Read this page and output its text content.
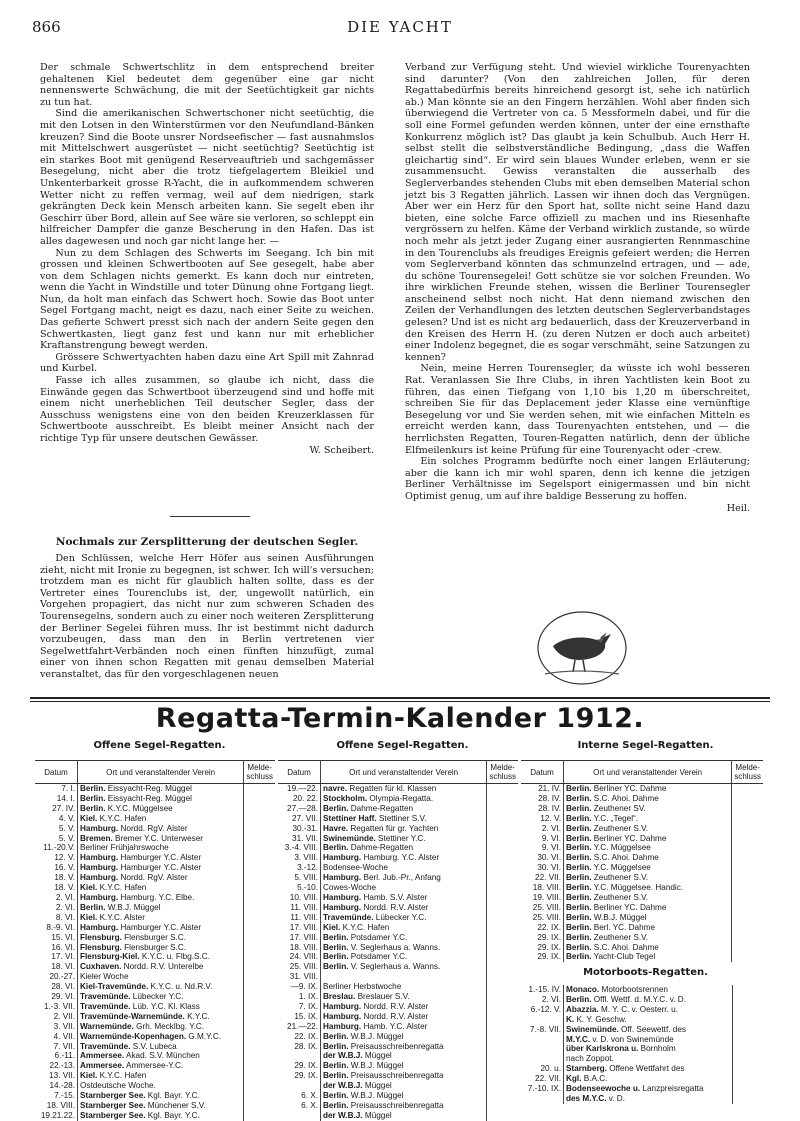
866	DIE YACHT

Der schmale Schwertschlitz in dem entsprechend breiter gehaltenen Kiel bedeutet dem gegenüber eine gar nicht nennenswerte Schwächung, die mit der Seetüchtigkeit gar nichts zu tun hat.

Sind die amerikanischen Schwertschoner nicht seetüchtig, die mit den Lotsen in den Winterstürmen vor den Neufundland-Bänken kreuzen? Sind die Boote unsrer Nordseefischer — fast ausnahmslos mit Mittelschwert ausgerüstet — nicht seetüchtig? Seetüchtig ist ein starkes Boot mit genügend Reserveauftrieb und sachgemässer Besegelung, nicht aber die trotz tiefgelagertem Bleikiel und Unkenterbarkeit grosse R-Yacht, die in aufkommendem schweren Wetter nicht zu reffen vermag, weil auf dem niedrigen, stark gekrängten Deck kein Mensch arbeiten kann. Sie segelt eben ihr Geschirr über Bord, allein auf See wäre sie verloren, so schleppt ein hilfreicher Dampfer die ganze Bescherung in den Hafen. Das ist alles dagewesen und noch gar nicht lange her. —

Nun zu dem Schlagen des Schwerts im Seegang. Ich bin mit grossen und kleinen Schwertbooten auf See gesegelt, habe aber von dem Schlagen nichts gemerkt. Es kann doch nur eintreten, wenn die Yacht in Windstille und toter Dünung ohne Fortgang liegt. Nun, da holt man einfach das Schwert hoch. Sowie das Boot unter Segel Fortgang macht, neigt es dazu, nach einer Seite zu weichen. Das gefierte Schwert presst sich nach der andern Seite gegen den Schwertkasten, liegt ganz fest und kann nur mit erheblicher Kraftanstrengung bewegt werden.

Grössere Schwertyachten haben dazu eine Art Spill mit Zahnrad und Kurbel.

Fasse ich alles zusammen, so glaube ich nicht, dass die Einwände gegen das Schwertboot überzeugend sind und hoffe mit einem nicht unerheblichen Teil deutscher Segler, dass der Ausschuss wenigstens eine von den beiden Kreuzerklassen für Schwertboote ausschreibt. Es bleibt meiner Ansicht nach der richtige Typ für unsere deutschen Gewässer.

W. Scheibert.
Nochmals zur Zersplitterung der deutschen Segler.

Den Schlüssen, welche Herr Höfer aus seinen Ausführungen zieht, nicht mit Ironie zu begegnen, ist schwer. Ich will's versuchen; trotzdem man es nicht für glaublich halten sollte, dass es der Vertreter eines Tourenclubs ist, der, ungewollt natürlich, ein Vorgehen propagiert, das nicht nur zum schweren Schaden des Tourensegelns, sondern auch zu einer noch weiteren Zersplitterung der Berliner Segelei führen muss. Ihr ist bestimmt nicht dadurch vorzubeugen, dass man den in Berlin vertretenen vier Segelwettfahrt-Verbänden noch einen fünften hinzufügt, zumal einer von ihnen schon Regatten mit genau demselben Material veranstaltet, das für den vorgeschlagenen neuen

Verband zur Verfügung steht. Und wieviel wirkliche Tourenyachten sind darunter? (Von den zahlreichen Jollen, für deren Regattabedürfnis bereits hinreichend gesorgt ist, sehe ich natürlich ab.) Man könnte sie an den Fingern herzählen. Wohl aber finden sich überwiegend die Vertreter von ca. 5 Messformeln dabei, und für die soll eine Formel gefunden werden können, unter der eine ernsthafte Konkurrenz möglich ist? Das glaubt ja kein Schulbub. Auch Herr H. selbst stellt die selbstverständliche Bedingung, „dass die Waffen gleichartig sind“. Er wird sein blaues Wunder erleben, wenn er sie zusammensucht. Gewiss veranstalten die ausserhalb des Seglerverbandes stehenden Clubs mit eben demselben Material schon jetzt bis 3 Regatten jährlich. Lassen wir ihnen doch das Vergnügen. Aber wer ein Herz für den Sport hat, sollte nicht seine Hand dazu bieten, eine solche Farce offiziell zu machen und ins Riesenhafte vergrössern zu helfen. Käme der Verband wirklich zustande, so würde noch mehr als jetzt jeder Zugang einer ausrangierten Rennmaschine in den Tourenclubs als freudiges Ereignis gefeiert werden; die Herren vom Seglerverband könnten das schmunzelnd ertragen, und — ade, du schöne Tourensegelei! Gott schütze sie vor solchen Freunden. Wo ihre wirklichen Freunde stehen, wissen die Berliner Tourensegler anscheinend selbst noch nicht. Hat denn niemand zwischen den Zeilen der Verhandlungen des letzten deutschen Seglerverbandstages gelesen? Und ist es nicht arg bedauerlich, dass der Kreuzerverband in den Kreisen des Herrn H. (zu deren Nutzen er doch auch arbeitet) einer Indolenz begegnet, die es sogar verschmäht, seine Satzungen zu kennen?

Nein, meine Herren Tourensegler, da wüsste ich wohl besseren Rat. Veranlassen Sie Ihre Clubs, in ihren Yachtlisten kein Boot zu führen, das einen Tiefgang von 1,10 bis 1,20 m überschreitet, schreiben Sie für das Deplacement jeder Klasse eine vernünftige Besegelung vor und Sie werden sehen, mit wie einfachen Mitteln es erreicht werden kann, dass Tourenyachten entstehen, und — die herrlichsten Regatten, Touren-Regatten natürlich, denn der übliche Elfmeilenkurs ist keine Prüfung für eine Tourenyacht oder -crew.

Ein solches Programm bedürfte noch einer langen Erläuterung; aber die kann ich mir wohl sparen, denn ich kenne die jetzigen Berliner Verhältnisse im Segelsport einigermassen und bin nicht Optimist genug, um auf ihre baldige Besserung zu hoffen.

Heil.
Regatta-Termin-Kalender 1912.
Offene Segel-Regatten.	Offene Segel-Regatten.	Interne Segel-Regatten.
Datum	Ort und veranstaltender Verein	Melde-schluss
7. I.	Berlin. Eissyacht-Reg. Müggel	
14. I.	Berlin. Eissyacht-Reg. Müggel	
27. IV.	Berlin. K.Y.C. Müggelsee	
4. V.	Kiel. K.Y.C. Hafen	
5. V.	Hamburg. Nordd. RgV. Alster	
5. V.	Bremen. Bremer Y.C. Unterweser	
11.-20.V.	Berliner Frühjahrswoche	
12. V.	Hamburg. Hamburger Y.C. Alster	
16. V.	Hamburg. Hamburger Y.C. Alster	
18. V.	Hamburg. Nordd. RgV. Alster	
18. V.	Kiel. K.Y.C. Hafen	
2. VI.	Hamburg. Hamburg. Y.C. Elbe.	
2. VI.	Berlin. W.B.J. Müggel	
8. VI.	Kiel. K.Y.C. Alster	
8.-9. VI.	Hamburg. Hamburger Y.C. Alster	
15. VI.	Flensburg. Flensburger S.C.	
16. VI.	Flensburg. Flensburger S.C.	
17. VI.	Flensburg-Kiel. K.Y.C. u. Flbg.S.C.	
18. VI.	Cuxhaven. Nordd. R.V. Unterelbe	
20.-27.	Kieler Woche	
28. VI.	Kiel-Travemünde. K.Y.C. u. Nd.R.V.	
29. VI.	Travemünde. Lübecker Y.C.	
1.-3. VII.	Travemünde. Lüb. Y.C. Kl. Klass	
2. VII.	Travemünde-Warnemünde. K.Y.C.	
3. VII.	Warnemünde. Grh. Mecklbg. Y.C.	
4. VII.	Warnemünde-Kopenhagen. G.M.Y.C.	
7. VII.	Travemünde. S.V. Lubeca	
6.-11.	Ammersee. Akad. S.V. München	
22.-13.	Ammersee. Ammersee-Y.C.	
13. VII.	Kiel. K.Y.C. Hafen	
14.-28.	Ostdeutsche Woche.	
7.-15.	Starnberger See. Kgl. Bayr. Y.C.	
18. VIII.	Starnberger See. Münchener S.V.	
19.21.22.	Starnberger See. Kgl. Bayr. Y.C.	
Datum	Ort und veranstaltender Verein	Melde-schluss
19.—22.	navre. Regatten für kl. Klassen	
20. 22.	Stockholm. Olympia-Regatta.	
27.—28.	Berlin. Dahme-Regatten	
27. VII.	Stettiner Haff. Stettiner S.V.	
30.-31.	Havre. Regatten für gr. Yachten	
31. VII.	Swinemünde. Stettiner Y.C.	
3.-4. VIII.	Berlin. Dahme-Regatten	
3. VIII.	Hamburg. Hamburg. Y.C. Alster	
3.-12.	Bodensee-Woche	
5. VIII.	Hamburg. Berl. Jub.-Pr., Anfang	
5.-10.	Cowes-Woche	
10. VIII.	Hamburg. Hamb. S.V. Alster	
11. VIII.	Hamburg. Nordd. R.V. Alster	
11. VIII.	Travemünde. Lübecker Y.C.	
17. VIII.	Kiel. K.Y.C. Hafen	
17. VIII.	Berlin. Potsdamer Y.C.	
18. VIII.	Berlin. V. Seglerhaus a. Wanns.	
24. VIII.	Berlin. Potsdamer Y.C.	
25. VIII.	Berlin. V. Seglerhaus a. Wanns.	
31. VIII.		
—9. IX.	Berliner Herbstwoche	
1. IX.	Breslau. Breslauer S.V.	
7. IX.	Hamburg. Nordd. R.V. Alster	
15. IX.	Hamburg. Nordd. R.V. Alster	
21.—22.	Hamburg. Hamb. Y.C. Alster	
22. IX.	Berlin. W.B.J. Müggel	
28. IX.	Berlin. Preisausschreibenregatta	
	der W.B.J. Müggel	
29. IX.	Berlin. W.B.J. Müggel	
29. IX.	Berlin. Preisausschreibenregatta	
	der W.B.J. Müggel	
6. X.	Berlin. W.B.J. Müggel	
6. X.	Berlin. Preisausschreibenregatta	
	der W.B.J. Müggel	
Datum	Ort und veranstaltender Verein	Melde-schluss
21. IV.	Berlin. Berliner YC. Dahme	
28. IV.	Berlin. S.C. Ahoi. Dahme	
28. IV.	Berlin. Zeuthener SV.	
12. V.	Berlin. Y.C. „Tegel“.	
2. VI.	Berlin. Zeuthener S.V.	
9. VI.	Berlin. Berliner YC. Dahme	
9. VI.	Berlin. Y.C. Müggelsee	
30. VI.	Berlin. S.C. Ahoi. Dahme	
30. VI.	Berlin. Y.C. Müggelsee	
22. VII.	Berlin. Zeuthener S.V.	
18. VIII.	Berlin. Y.C. Müggelsee. Handic.	
19. VIII.	Berlin. Zeuthener S.V.	
25. VIII.	Berlin. Berliner YC. Dahme	
25. VIII.	Berlin. W.B.J. Müggel	
22. IX.	Berlin. Berl. YC. Dahme	
29. IX.	Berlin. Zeuthener S.V.	
29. IX.	Berlin. S.C. Ahoi. Dahme	
29. IX.	Berlin. Yacht-Club Tegel	
Motorboots-Regatten.
1.-15. IV.	Monaco. Motorbootsrennen	
2. VI.	Berlin. Offl. Wettf. d. M.Y.C. v. D.	
6.-12. V.	Abazzia. M. Y. C. v. Oesterr. u.	
	K. K. Y. Geschw.	
7.-8. VII.	Swinemünde. Off. Seewettf. des	
	M.Y.C. v. D. von Swinemünde	
	über Karlskrona u. Bornholm	
	nach Zoppot.	
20. u.	Starnberg. Offene Wettfahrt des	
22. VII.	Kgl. B.A.C.	
7.-10. IX.	Bodenseewoche u. Lanzpreisregatta	
	des M.Y.C. v. D.	
